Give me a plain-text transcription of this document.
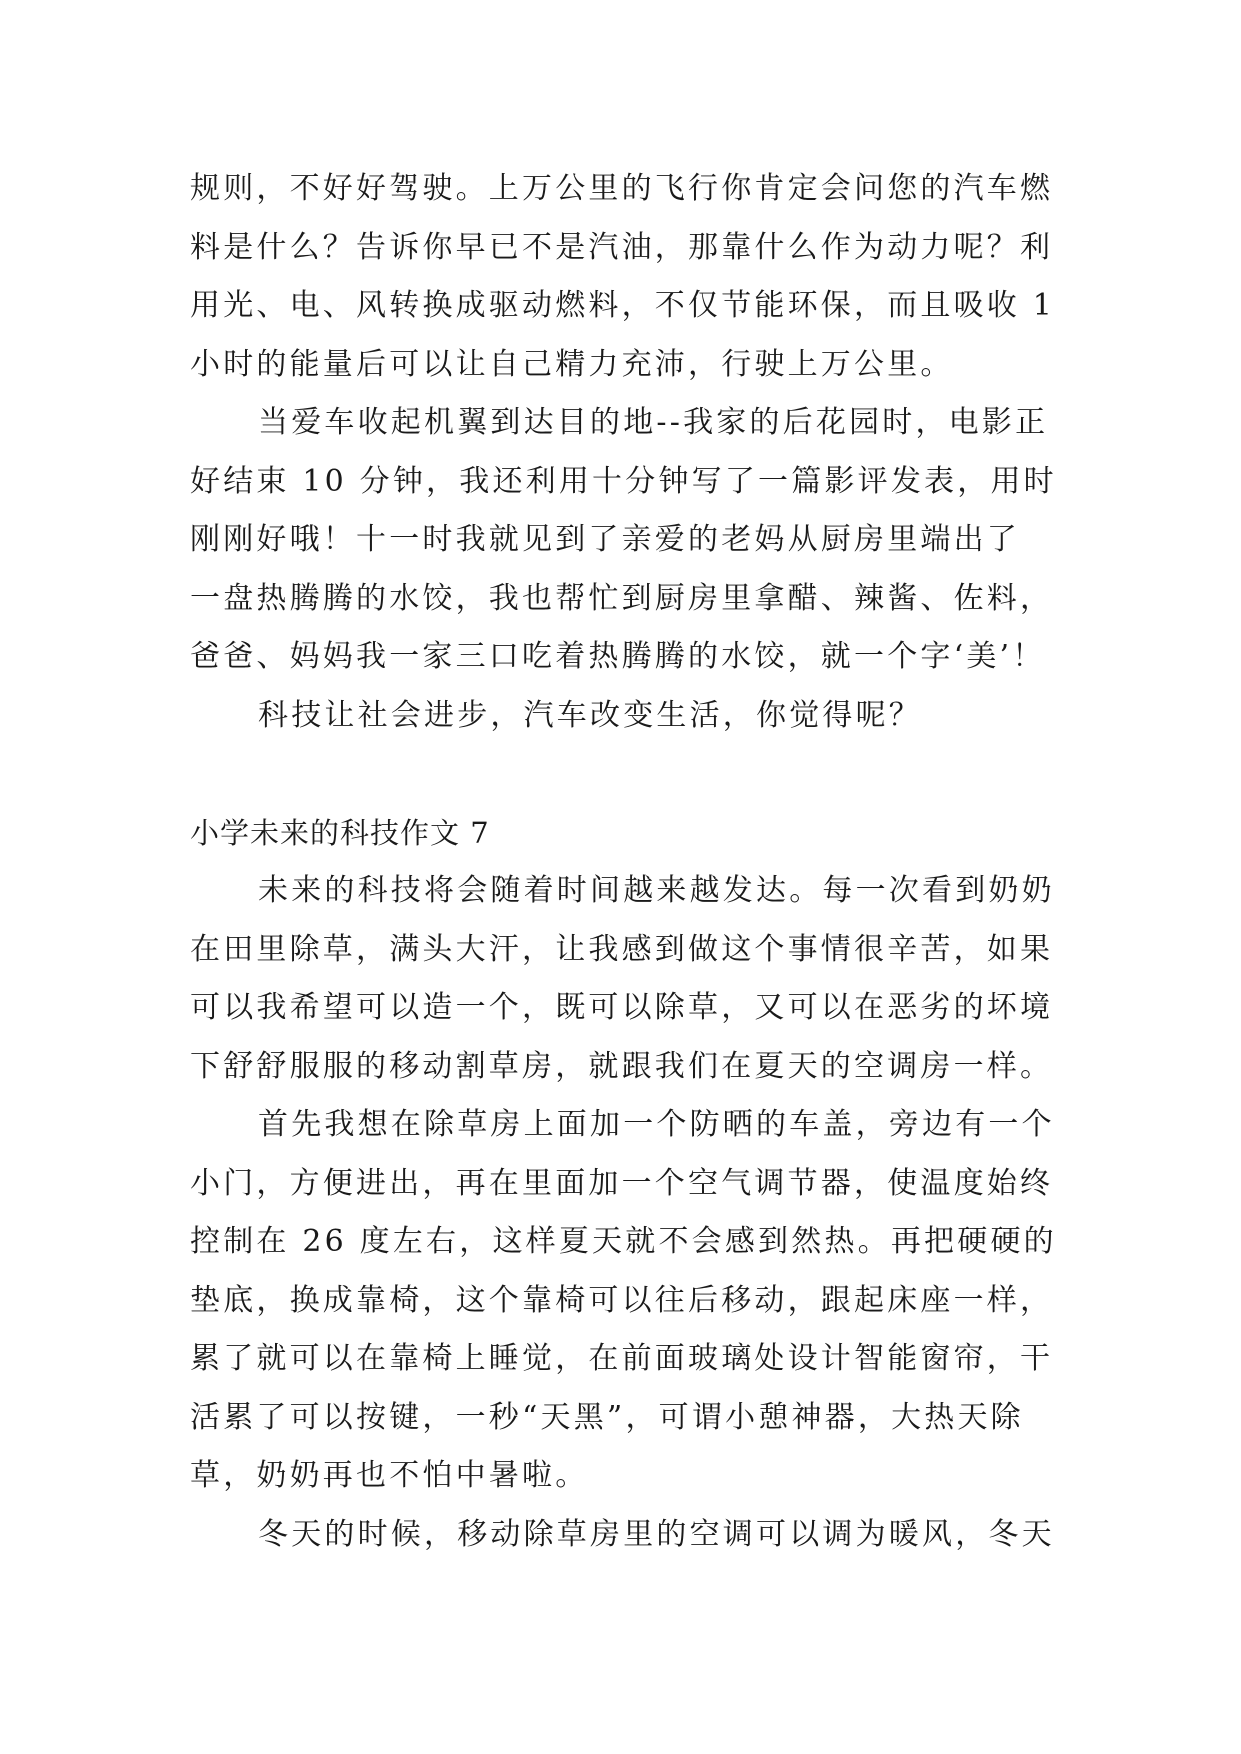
规则，不好好驾驶。上万公里的飞行你肯定会问您的汽车燃
料是什么？告诉你早已不是汽油，那靠什么作为动力呢？利
用光、电、风转换成驱动燃料，不仅节能环保，而且吸收 1
小时的能量后可以让自己精力充沛，行驶上万公里。
当爱车收起机翼到达目的地--我家的后花园时，电影正
好结束 10 分钟，我还利用十分钟写了一篇影评发表，用时
刚刚好哦！十一时我就见到了亲爱的老妈从厨房里端出了
一盘热腾腾的水饺，我也帮忙到厨房里拿醋、辣酱、佐料，
爸爸、妈妈我一家三口吃着热腾腾的水饺，就一个字‘美’！
科技让社会进步，汽车改变生活，你觉得呢？
小学未来的科技作文 7
未来的科技将会随着时间越来越发达。每一次看到奶奶
在田里除草，满头大汗，让我感到做这个事情很辛苦，如果
可以我希望可以造一个，既可以除草，又可以在恶劣的坏境
下舒舒服服的移动割草房，就跟我们在夏天的空调房一样。
首先我想在除草房上面加一个防晒的车盖，旁边有一个
小门，方便进出，再在里面加一个空气调节器，使温度始终
控制在 26 度左右，这样夏天就不会感到然热。再把硬硬的
垫底，换成靠椅，这个靠椅可以往后移动，跟起床座一样，
累了就可以在靠椅上睡觉，在前面玻璃处设计智能窗帘，干
活累了可以按键，一秒“天黑”，可谓小憩神器，大热天除
草，奶奶再也不怕中暑啦。
冬天的时候，移动除草房里的空调可以调为暖风，冬天
